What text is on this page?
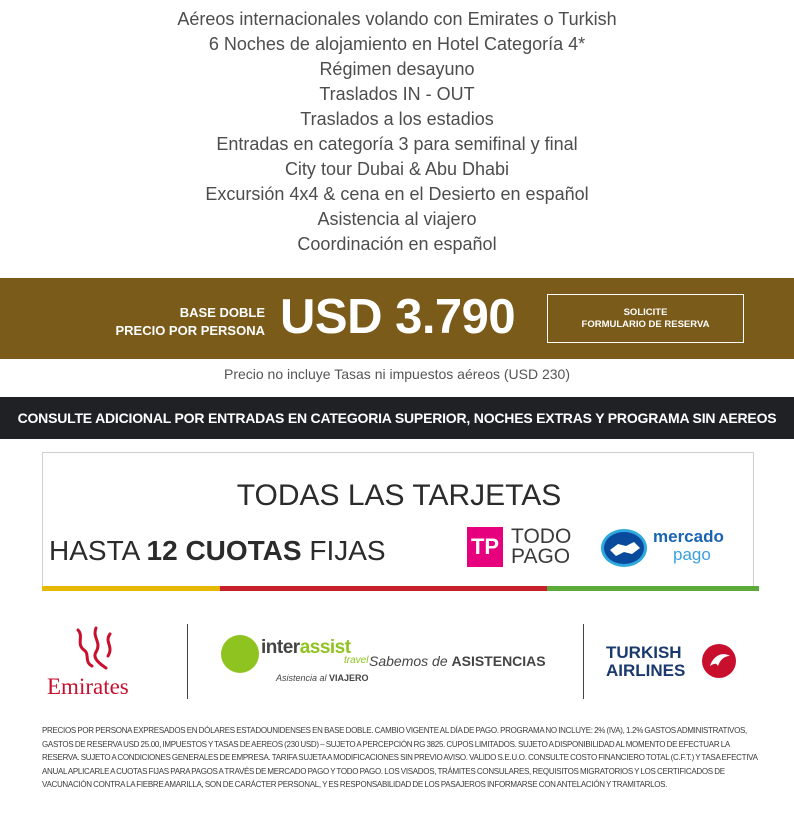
Aéreos internacionales volando con Emirates o Turkish
6 Noches de alojamiento en Hotel Categoría 4*
Régimen desayuno
Traslados IN - OUT
Traslados a los estadios
Entradas en categoría 3 para semifinal y final
City tour Dubai & Abu Dhabi
Excursión 4x4 & cena en el Desierto en español
Asistencia al viajero
Coordinación en español
BASE DOBLE
PRECIO POR PERSONA USD 3.790	SOLICITE
FORMULARIO DE RESERVA
Precio no incluye Tasas ni impuestos aéreos (USD 230)
CONSULTE ADICIONAL POR ENTRADAS EN CATEGORIA SUPERIOR, NOCHES EXTRAS Y PROGRAMA SIN AEREOS
TODAS LAS TARJETAS
HASTA 12 CUOTAS FIJAS	TP TODO
PAGO
mercado
pago
Emirates
interassist
travel
Asistencia al VIAJERO
Sabemos de ASISTENCIAS	TURKISH
AIRLINES
PRECIOS POR PERSONA EXPRESADOS EN DÓLARES ESTADOUNIDENSES EN BASE DOBLE. CAMBIO VIGENTE AL DÍA DE PAGO. PROGRAMA NO INCLUYE: 2% (IVA), 1.2% GASTOS ADMINISTRATIVOS, GASTOS DE RESERVA USD 25.00, IMPUESTOS Y TASAS DE AEREOS (230 USD) – SUJETO A PERCEPCIÓN RG 3825. CUPOS LIMITADOS. SUJETO A DISPONIBILIDAD AL MOMENTO DE EFECTUAR LA RESERVA. SUJETO A CONDICIONES GENERALES DE EMPRESA. TARIFA SUJETA A MODIFICACIONES SIN PREVIO AVISO. VALIDO S.E.U.O. CONSULTE COSTO FINANCIERO TOTAL (C.F.T.) Y TASA EFECTIVA ANUAL APLICARLE A CUOTAS FIJAS PARA PAGOS A TRAVÉS DE MERCADO PAGO Y TODO PAGO. LOS VISADOS, TRÁMITES CONSULARES, REQUISITOS MIGRATORIOS Y LOS CERTIFICADOS DE VACUNACIÓN CONTRA LA FIEBRE AMARILLA, SON DE CARÁCTER PERSONAL, Y ES RESPONSABILIDAD DE LOS PASAJEROS INFORMARSE CON ANTELACIÓN Y TRAMITARLOS.
